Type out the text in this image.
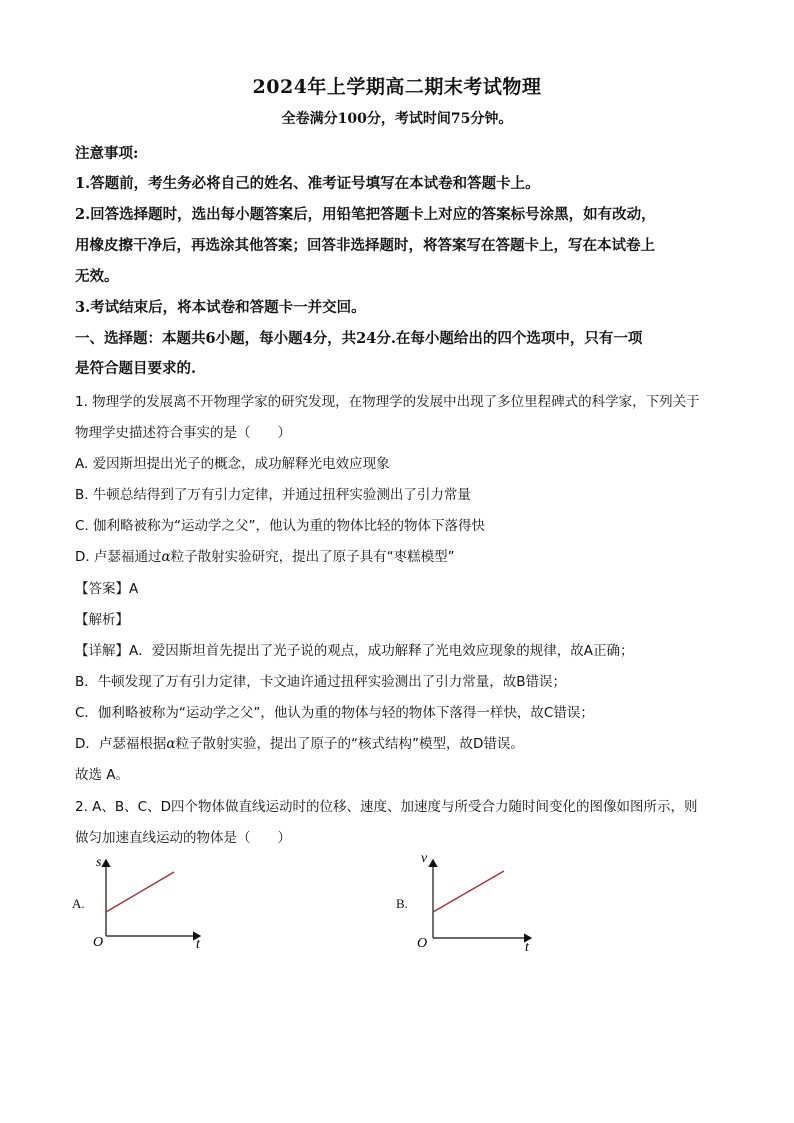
2024年上学期高二期末考试物理
全卷满分100分，考试时间75分钟。
注意事项:
1.答题前，考生务必将自己的姓名、准考证号填写在本试卷和答题卡上。
2.回答选择题时，选出每小题答案后，用铅笔把答题卡上对应的答案标号涂黑，如有改动，
用橡皮擦干净后，再选涂其他答案；回答非选择题时，将答案写在答题卡上，写在本试卷上
无效。
3.考试结束后，将本试卷和答题卡一并交回。
一、选择题：本题共6小题，每小题4分，共24分.在每小题给出的四个选项中，只有一项
是符合题目要求的.
1. 物理学的发展离不开物理学家的研究发现，在物理学的发展中出现了多位里程碑式的科学家，下列关于
物理学史描述符合事实的是（　　）
A. 爱因斯坦提出光子的概念，成功解释光电效应现象
B. 牛顿总结得到了万有引力定律，并通过扭秤实验测出了引力常量
C. 伽利略被称为“运动学之父”，他认为重的物体比轻的物体下落得快
D. 卢瑟福通过α粒子散射实验研究，提出了原子具有“枣糕模型”
【答案】A
【解析】
【详解】A．爱因斯坦首先提出了光子说的观点，成功解释了光电效应现象的规律，故A正确；
B．牛顿发现了万有引力定律，卡文迪许通过扭秤实验测出了引力常量，故B错误；
C．伽利略被称为“运动学之父”，他认为重的物体与轻的物体下落得一样快，故C错误；
D．卢瑟福根据α粒子散射实验，提出了原子的“核式结构”模型，故D错误。
故选 A。
2. A、B、C、D四个物体做直线运动时的位移、速度、加速度与所受合力随时间变化的图像如图所示，则
做匀加速直线运动的物体是（　　）
A.
s
t
O
B.
v
t
O
